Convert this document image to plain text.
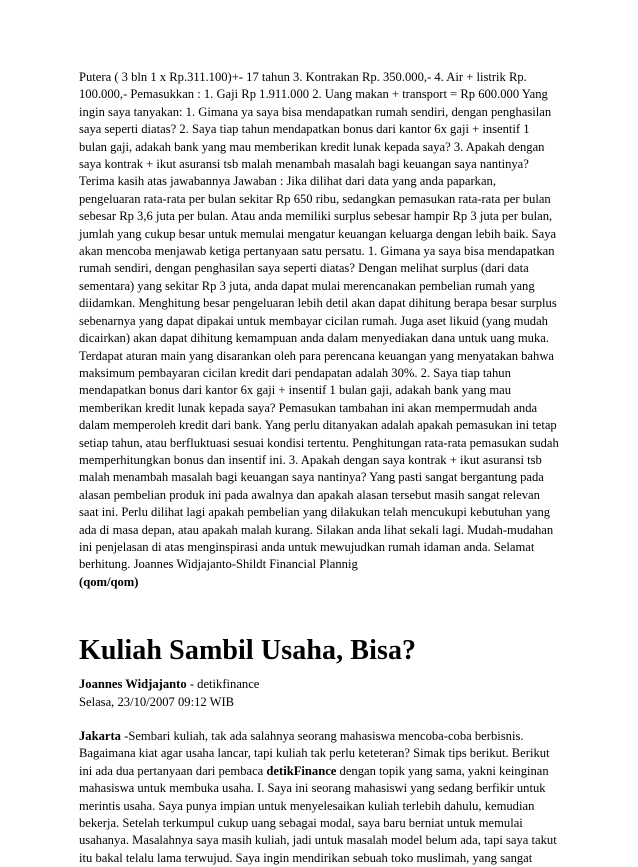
Putera ( 3 bln 1 x Rp.311.100)+- 17 tahun 3. Kontrakan Rp. 350.000,- 4. Air + listrik Rp. 100.000,- Pemasukkan : 1. Gaji Rp 1.911.000 2. Uang makan + transport = Rp 600.000 Yang ingin saya tanyakan: 1. Gimana ya saya bisa mendapatkan rumah sendiri, dengan penghasilan saya seperti diatas? 2. Saya tiap tahun mendapatkan bonus dari kantor 6x gaji + insentif 1 bulan gaji, adakah bank yang mau memberikan kredit lunak kepada saya? 3. Apakah dengan saya kontrak + ikut asuransi tsb malah menambah masalah bagi keuangan saya nantinya? Terima kasih atas jawabannya Jawaban : Jika dilihat dari data yang anda paparkan, pengeluaran rata-rata per bulan sekitar Rp 650 ribu, sedangkan pemasukan rata-rata per bulan sebesar Rp 3,6 juta per bulan. Atau anda memiliki surplus sebesar hampir Rp 3 juta per bulan, jumlah yang cukup besar untuk memulai mengatur keuangan keluarga dengan lebih baik. Saya akan mencoba menjawab ketiga pertanyaan satu persatu. 1. Gimana ya saya bisa mendapatkan rumah sendiri, dengan penghasilan saya seperti diatas? Dengan melihat surplus (dari data sementara) yang sekitar Rp 3 juta, anda dapat mulai merencanakan pembelian rumah yang diidamkan. Menghitung besar pengeluaran lebih detil akan dapat dihitung berapa besar surplus sebenarnya yang dapat dipakai untuk membayar cicilan rumah. Juga aset likuid (yang mudah dicairkan) akan dapat dihitung kemampuan anda dalam menyediakan dana untuk uang muka. Terdapat aturan main yang disarankan oleh para perencana keuangan yang menyatakan bahwa maksimum pembayaran cicilan kredit dari pendapatan adalah 30%. 2. Saya tiap tahun mendapatkan bonus dari kantor 6x gaji + insentif 1 bulan gaji, adakah bank yang mau memberikan kredit lunak kepada saya? Pemasukan tambahan ini akan mempermudah anda dalam memperoleh kredit dari bank. Yang perlu ditanyakan adalah apakah pemasukan ini tetap setiap tahun, atau berfluktuasi sesuai kondisi tertentu. Penghitungan rata-rata pemasukan sudah memperhitungkan bonus dan insentif ini. 3. Apakah dengan saya kontrak + ikut asuransi tsb malah menambah masalah bagi keuangan saya nantinya? Yang pasti sangat bergantung pada alasan pembelian produk ini pada awalnya dan apakah alasan tersebut masih sangat relevan saat ini. Perlu dilihat lagi apakah pembelian yang dilakukan telah mencukupi kebutuhan yang ada di masa depan, atau apakah malah kurang. Silakan anda lihat sekali lagi. Mudah-mudahan ini penjelasan di atas menginspirasi anda untuk mewujudkan rumah idaman anda. Selamat berhitung. Joannes Widjajanto-Shildt Financial Plannig

(qom/qom)

Kuliah Sambil Usaha, Bisa?

Joannes Widjajanto - detikfinance

Selasa, 23/10/2007 09:12 WIB

Jakarta -Sembari kuliah, tak ada salahnya seorang mahasiswa mencoba-coba berbisnis. Bagaimana kiat agar usaha lancar, tapi kuliah tak perlu keteteran? Simak tips berikut. Berikut ini ada dua pertanyaan dari pembaca detikFinance dengan topik yang sama, yakni keinginan mahasiswa untuk membuka usaha. I. Saya ini seorang mahasiswi yang sedang berfikir untuk merintis usaha. Saya punya impian untuk menyelesaikan kuliah terlebih dahulu, kemudian bekerja. Setelah terkumpul cukup uang sebagai modal, saya baru berniat untuk memulai usahanya. Masalahnya saya masih kuliah, jadi untuk masalah model belum ada, tapi saya takut itu bakal telalu lama terwujud. Saya ingin mendirikan sebuah toko muslimah, yang sangat
